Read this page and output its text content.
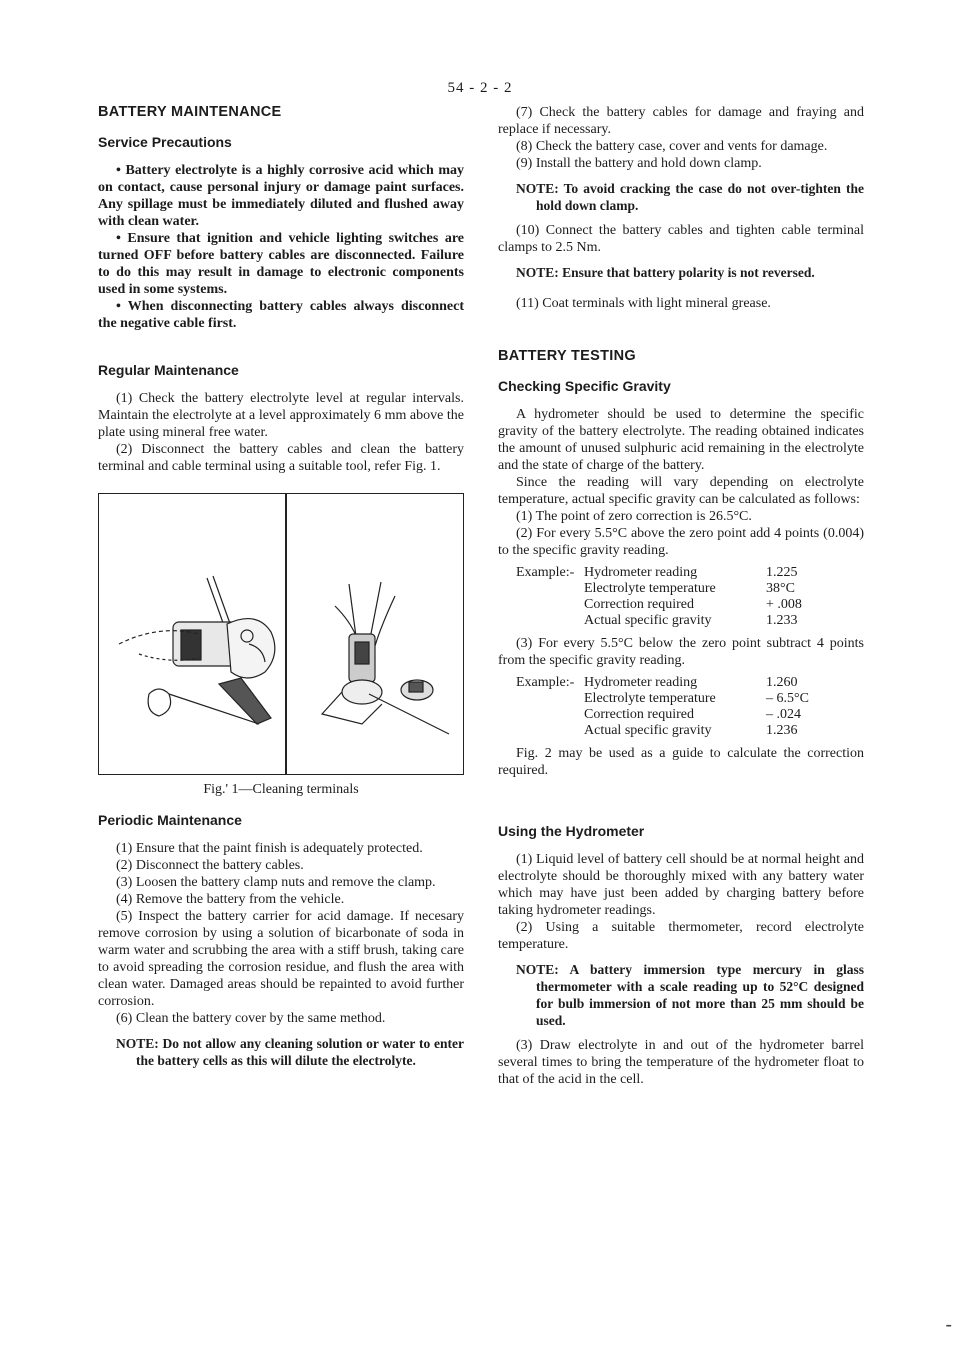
54 - 2 - 2
BATTERY MAINTENANCE
Service Precautions

• Battery electrolyte is a highly corrosive acid which may on contact, cause personal injury or damage paint surfaces. Any spillage must be immediately diluted and flushed away with clean water.

• Ensure that ignition and vehicle lighting switches are turned OFF before battery cables are disconnected. Failure to do this may result in damage to electronic components used in some systems.

• When disconnecting battery cables always disconnect the negative cable first.

Regular Maintenance

(1) Check the battery electrolyte level at regular intervals. Maintain the electrolyte at a level approximately 6 mm above the plate using mineral free water.

(2) Disconnect the battery cables and clean the battery terminal and cable terminal using a suitable tool, refer Fig. 1.

Fig.' 1—Cleaning terminals

Periodic Maintenance

(1) Ensure that the paint finish is adequately protected.

(2) Disconnect the battery cables.

(3) Loosen the battery clamp nuts and remove the clamp.

(4) Remove the battery from the vehicle.

(5) Inspect the battery carrier for acid damage. If necesary remove corrosion by using a solution of bicarbonate of soda in warm water and scrubbing the area with a stiff brush, taking care to avoid spreading the corrosion residue, and flush the area with clean water. Damaged areas should be repainted to avoid further corrosion.

(6) Clean the battery cover by the same method.

NOTE: Do not allow any cleaning solution or water to enter the battery cells as this will dilute the electrolyte.

(7) Check the battery cables for damage and fraying and replace if necessary.

(8) Check the battery case, cover and vents for damage.

(9) Install the battery and hold down clamp.

NOTE: To avoid cracking the case do not over-tighten the hold down clamp.

(10) Connect the battery cables and tighten cable terminal clamps to 2.5 Nm.

NOTE: Ensure that battery polarity is not reversed.

(11) Coat terminals with light mineral grease.

BATTERY TESTING
Checking Specific Gravity

A hydrometer should be used to determine the specific gravity of the battery electrolyte. The reading obtained indicates the amount of unused sulphuric acid remaining in the electrolyte and the state of charge of the battery.

Since the reading will vary depending on electrolyte temperature, actual specific gravity can be calculated as follows:

(1) The point of zero correction is 26.5°C.

(2) For every 5.5°C above the zero point add 4 points (0.004) to the specific gravity reading.

Example:-	Hydrometer reading	1.225
	Electrolyte temperature	38°C
	Correction required	+ .008
	Actual specific gravity	1.233

(3) For every 5.5°C below the zero point subtract 4 points from the specific gravity reading.

Example:-	Hydrometer reading	1.260
	Electrolyte temperature	– 6.5°C
	Correction required	– .024
	Actual specific gravity	1.236

Fig. 2 may be used as a guide to calculate the correction required.

Using the Hydrometer

(1) Liquid level of battery cell should be at normal height and electrolyte should be thoroughly mixed with any battery water which may have just been added by charging battery before taking hydrometer readings.

(2) Using a suitable thermometer, record electrolyte temperature.

NOTE: A battery immersion type mercury in glass thermometer with a scale reading up to 52°C designed for bulb immersion of not more than 25 mm should be used.

(3) Draw electrolyte in and out of the hydrometer barrel several times to bring the temperature of the hydrometer float to that of the acid in the cell.

-
